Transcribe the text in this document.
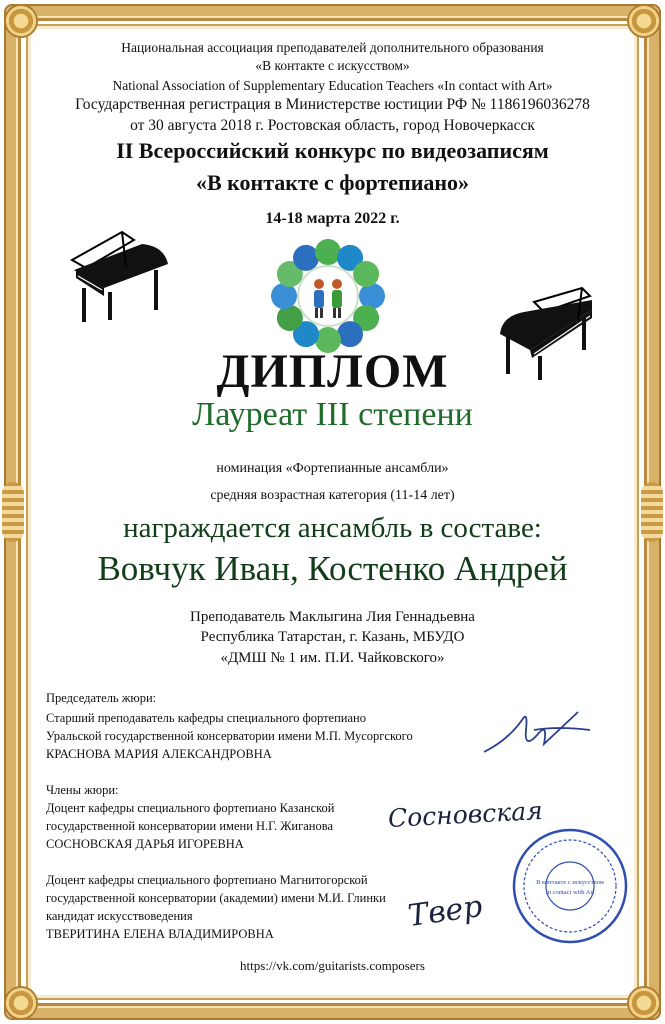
Национальная ассоциация преподавателей дополнительного образования
«В контакте с искусством»
National Association of Supplementary Education Teachers «In contact with Art»
Государственная регистрация в Министерстве юстиции РФ № 1186196036278
от 30 августа 2018 г. Ростовская область, город Новочеркасск
II Всероссийский конкурс по видеозаписям
«В контакте с фортепиано»
14-18 марта 2022 г.
ДИПЛОМ
Лауреат III степени
номинация «Фортепианные ансамбли»
средняя возрастная категория (11-14 лет)
награждается ансамбль в составе:
Вовчук Иван, Костенко Андрей
Преподаватель Маклыгина Лия Геннадьевна
Республика Татарстан, г. Казань, МБУДО
«ДМШ № 1 им. П.И. Чайковского»
Председатель жюри:
Старший преподаватель кафедры специального фортепиано
Уральской государственной консерватории имени М.П. Мусоргского
КРАСНОВА МАРИЯ АЛЕКСАНДРОВНА
Члены жюри:
Доцент кафедры специального фортепиано Казанской
государственной консерватории имени Н.Г. Жиганова
СОСНОВСКАЯ ДАРЬЯ ИГОРЕВНА
Сосновская
Доцент кафедры специального фортепиано Магнитогорской
государственной консерватории (академии) имени М.И. Глинки
кандидат искусствоведения
ТВЕРИТИНА ЕЛЕНА ВЛАДИМИРОВНА
В контакте с искусством
In contact with Art
Твер
https://vk.com/guitarists.composers
